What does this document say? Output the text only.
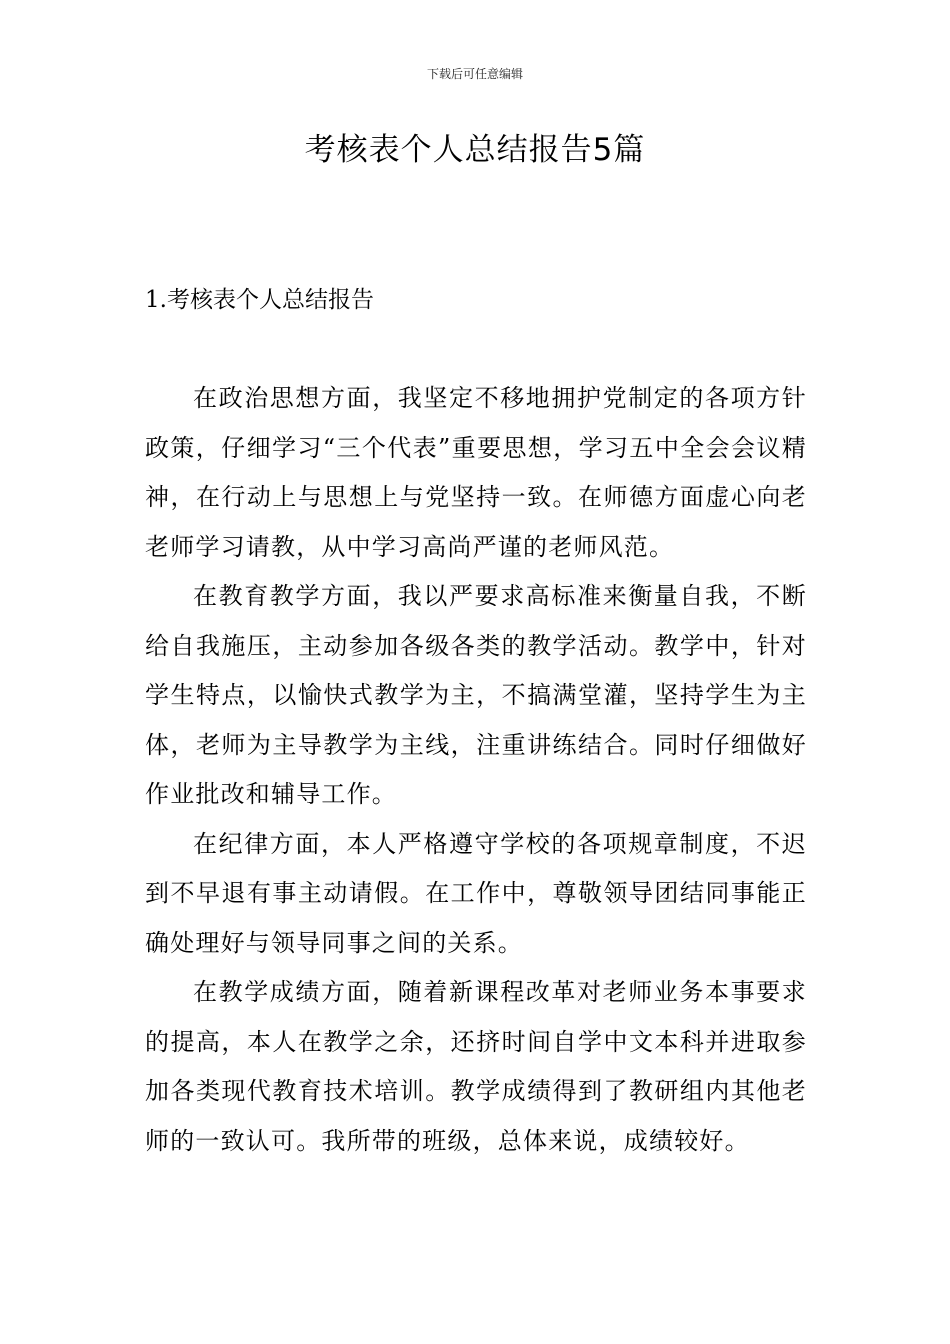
下载后可任意编辑
考核表个人总结报告5篇
1.考核表个人总结报告

在政治思想方面，我坚定不移地拥护党制定的各项方针政策，仔细学习“三个代表”重要思想，学习五中全会会议精神，在行动上与思想上与党坚持一致。在师德方面虚心向老老师学习请教，从中学习高尚严谨的老师风范。

在教育教学方面，我以严要求高标准来衡量自我，不断给自我施压，主动参加各级各类的教学活动。教学中，针对学生特点，以愉快式教学为主，不搞满堂灌，坚持学生为主体，老师为主导教学为主线，注重讲练结合。同时仔细做好作业批改和辅导工作。

在纪律方面，本人严格遵守学校的各项规章制度，不迟到不早退有事主动请假。在工作中，尊敬领导团结同事能正确处理好与领导同事之间的关系。

在教学成绩方面，随着新课程改革对老师业务本事要求的提高，本人在教学之余，还挤时间自学中文本科并进取参加各类现代教育技术培训。教学成绩得到了教研组内其他老师的一致认可。我所带的班级，总体来说，成绩较好。
